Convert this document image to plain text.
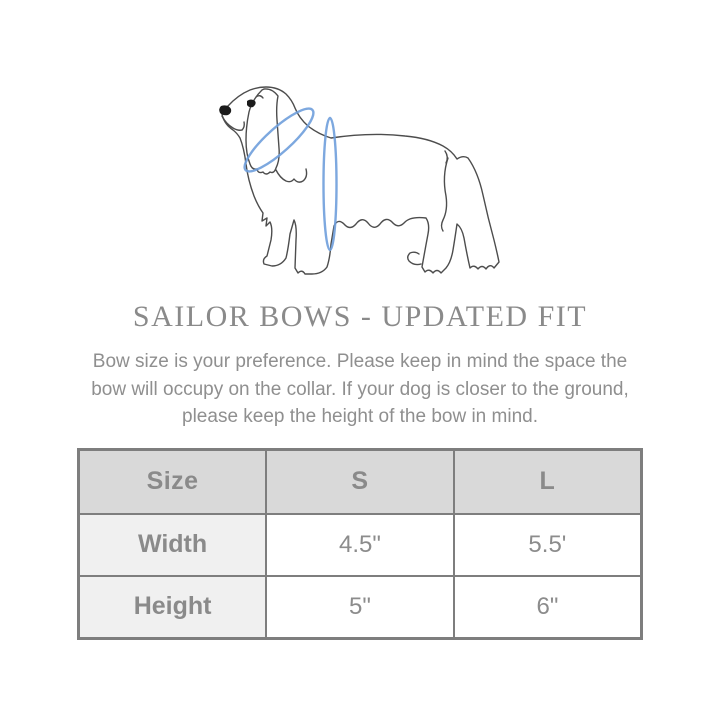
SAILOR BOWS - UPDATED FIT
Bow size is your preference. Please keep in mind the space the
bow will occupy on the collar. If your dog is closer to the ground,
please keep the height of the bow in mind.
Size	S	L
Width	4.5"	5.5'
Height	5"	6"
